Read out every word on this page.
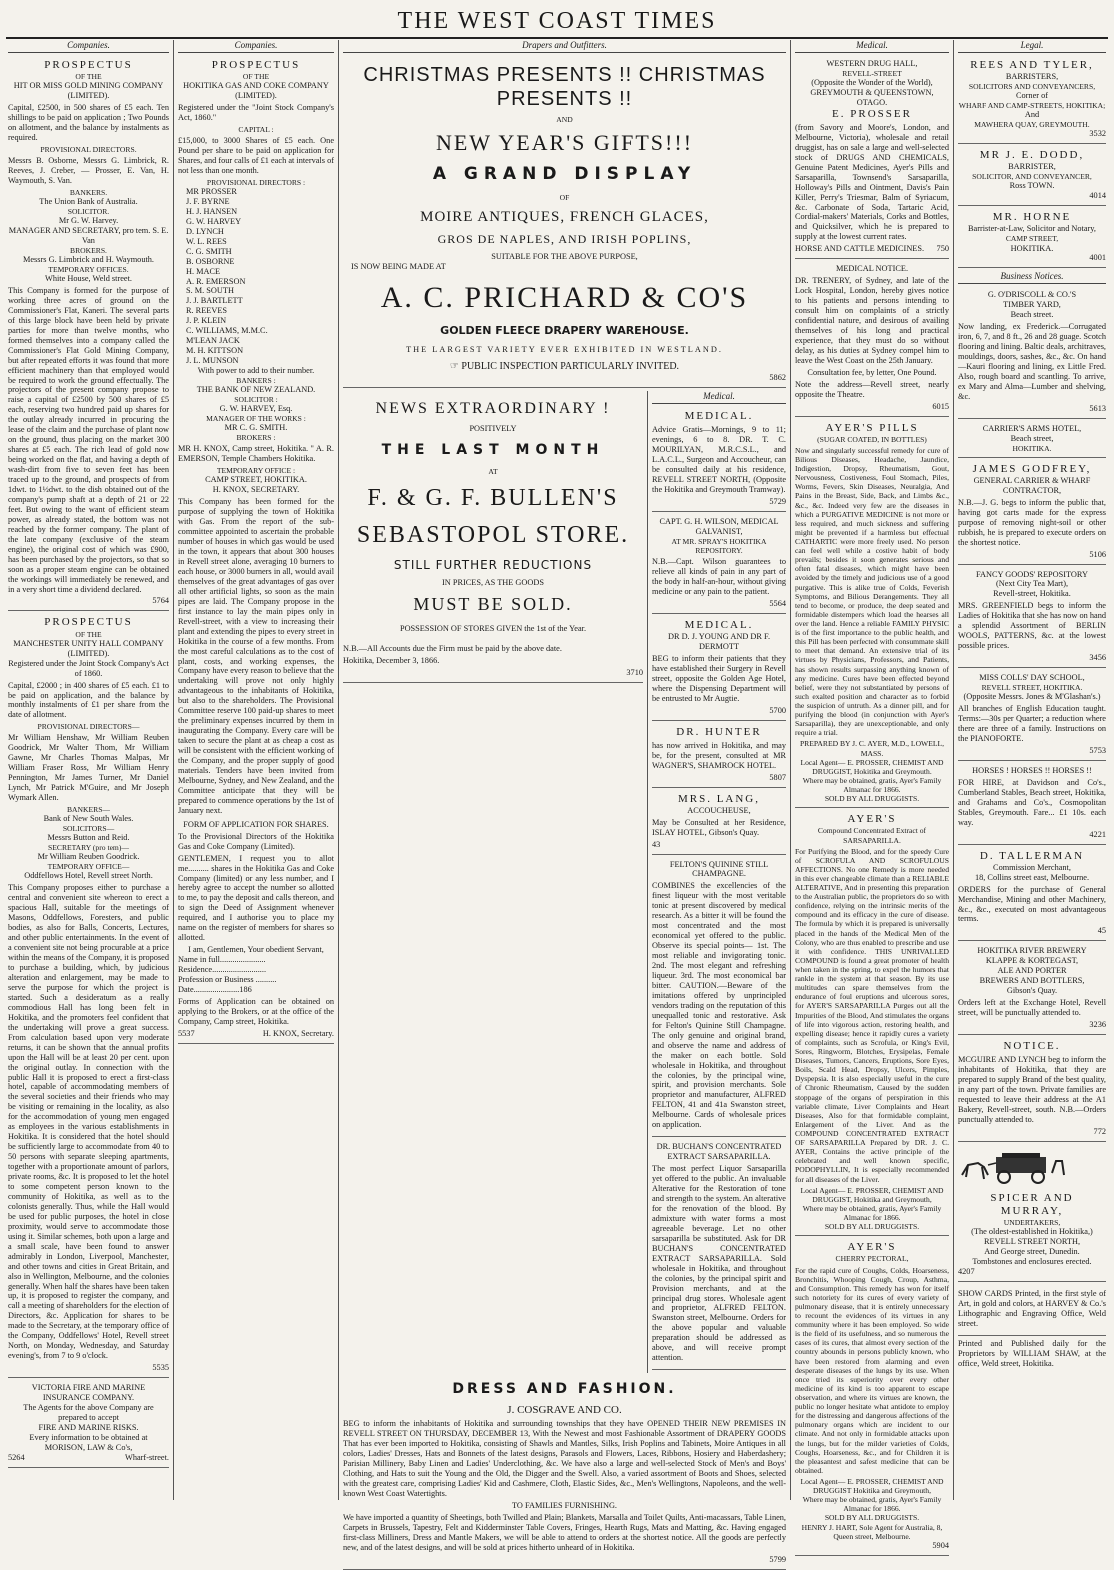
THE WEST COAST TIMES
Companies.
PROSPECTUS
OF THE
HIT OR MISS GOLD MINING COMPANY (LIMITED).
Capital, £2500, in 500 shares of £5 each. Ten shillings to be paid on application ; Two Pounds on allotment, and the balance by instalments as required.
PROVISIONAL DIRECTORS.
Messrs B. Osborne, Messrs G. Limbrick, R. Reeves, J. Creber, — Prosser, E. Van, H. Waymouth, S. Van.
BANKERS.
The Union Bank of Australia.
SOLICITOR.
Mr G. W. Harvey.
MANAGER AND SECRETARY, pro tem. S. E. Van
BROKERS.
Messrs G. Limbrick and H. Waymouth.
TEMPORARY OFFICES.
White House, Weld street.
This Company is formed for the purpose of working three acres of ground on the Commissioner's Flat, Kaneri. The several parts of this large block have been held by private parties for more than twelve months, who formed themselves into a company called the Commissioner's Flat Gold Mining Company, but after repeated efforts it was found that more efficient machinery than that employed would be required to work the ground effectually. The projectors of the present company propose to raise a capital of £2500 by 500 shares of £5 each, reserving two hundred paid up shares for the outlay already incurred in procuring the lease of the claim and the purchase of plant now on the ground, thus placing on the market 300 shares at £5 each. The rich lead of gold now being worked on the flat, and having a depth of wash-dirt from five to seven feet has been traced up to the ground, and prospects of from 1dwt. to 1½dwt. to the dish obtained out of the company's pump shaft at a depth of 21 or 22 feet. But owing to the want of efficient steam power, as already stated, the bottom was not reached by the former company. The plant of the late company (exclusive of the steam engine), the original cost of which was £900, has been purchased by the projectors, so that so soon as a proper steam engine can be obtained the workings will immediately be renewed, and in a very short time a dividend declared.
5764
PROSPECTUS
OF THE
MANCHESTER UNITY HALL COMPANY (LIMITED).
Registered under the Joint Stock Company's Act of 1860.
Capital, £2000 ; in 400 shares of £5 each. £1 to be paid on application, and the balance by monthly instalments of £1 per share from the date of allotment.
PROVISIONAL DIRECTORS—
Mr William Henshaw, Mr William Reuben Goodrick, Mr Walter Thom, Mr William Gawne, Mr Charles Thomas Malpas, Mr William Fraser Ross, Mr William Henry Pennington, Mr James Turner, Mr Daniel Lynch, Mr Patrick M'Guire, and Mr Joseph Wymark Allen.
BANKERS—
Bank of New South Wales.
SOLICITORS—
Messrs Button and Reid.
SECRETARY (pro tem)—
Mr William Reuben Goodrick.
TEMPORARY OFFICE—
Oddfellows Hotel, Revell street North.
This Company proposes either to purchase a central and convenient site whereon to erect a spacious Hall, suitable for the meetings of Masons, Oddfellows, Foresters, and public bodies, as also for Balls, Concerts, Lectures, and other public entertainments. In the event of a convenient site not being procurable at a price within the means of the Company, it is proposed to purchase a building, which, by judicious alteration and enlargement, may be made to serve the purpose for which the project is started. Such a desideratum as a really commodious Hall has long been felt in Hokitika, and the promoters feel confident that the undertaking will prove a great success. From calculation based upon very moderate returns, it can be shown that the annual profits upon the Hall will be at least 20 per cent. upon the original outlay. In connection with the public Hall it is proposed to erect a first-class hotel, capable of accommodating members of the several societies and their friends who may be visiting or remaining in the locality, as also for the accommodation of young men engaged as employees in the various establishments in Hokitika. It is considered that the hotel should be sufficiently large to accommodate from 40 to 50 persons with separate sleeping apartments, together with a proportionate amount of parlors, private rooms, &c. It is proposed to let the hotel to some competent person known to the community of Hokitika, as well as to the colonists generally. Thus, while the Hall would be used for public purposes, the hotel in close proximity, would serve to accommodate those using it. Similar schemes, both upon a large and a small scale, have been found to answer admirably in London, Liverpool, Manchester, and other towns and cities in Great Britain, and also in Wellington, Melbourne, and the colonies generally. When half the shares have been taken up, it is proposed to register the company, and call a meeting of shareholders for the election of Directors, &c. Application for shares to be made to the Secretary, at the temporary office of the Company, Oddfellows' Hotel, Revell street North, on Monday, Wednesday, and Saturday evening's, from 7 to 9 o'clock.
5535
VICTORIA FIRE AND MARINE INSURANCE COMPANY.
The Agents for the above Company are prepared to accept
FIRE AND MARINE RISKS.
Every information to be obtained at
MORISON, LAW & Co's,
5264	Wharf-street.
Companies.
PROSPECTUS
OF THE
HOKITIKA GAS AND COKE COMPANY (LIMITED).
Registered under the "Joint Stock Company's Act, 1860."
CAPITAL :
£15,000, to 3000 Shares of £5 each. One Pound per share to be paid on application for Shares, and four calls of £1 each at intervals of not less than one month.
PROVISIONAL DIRECTORS :
MR PROSSER
J. F. BYRNE
H. J. HANSEN
G. W. HARVEY
D. LYNCH
W. L. REES
C. G. SMITH
B. OSBORNE
H. MACE
A. R. EMERSON
S. M. SOUTH
J. J. BARTLETT
R. REEVES
J. P. KLEIN
C. WILLIAMS, M.M.C.
M'LEAN JACK
M. H. KITTSON
J. L. MUNSON
With power to add to their number.
BANKERS :
THE BANK OF NEW ZEALAND.
SOLICITOR :
G. W. HARVEY, Esq.
MANAGER OF THE WORKS :
MR C. G. SMITH.
BROKERS :
MR H. KNOX, Camp street, Hokitika. " A. R. EMERSON, Temple Chambers Hokitika.
TEMPORARY OFFICE :
CAMP STREET, HOKITIKA.
H. KNOX, SECRETARY.
This Company has been formed for the purpose of supplying the town of Hokitika with Gas. From the report of the sub-committee appointed to ascertain the probable number of houses in which gas would be used in the town, it appears that about 300 houses in Revell street alone, averaging 10 burners to each house, or 3000 burners in all, would avail themselves of the great advantages of gas over all other artificial lights, so soon as the main pipes are laid. The Company propose in the first instance to lay the main pipes only in Revell-street, with a view to increasing their plant and extending the pipes to every street in Hokitika in the course of a few months. From the most careful calculations as to the cost of plant, costs, and working expenses, the Company have every reason to believe that the undertaking will prove not only highly advantageous to the inhabitants of Hokitika, but also to the shareholders. The Provisional Committee reserve 100 paid-up shares to meet the preliminary expenses incurred by them in inaugurating the Company. Every care will be taken to secure the plant at as cheap a cost as will be consistent with the efficient working of the Company, and the proper supply of good materials. Tenders have been invited from Melbourne, Sydney, and New Zealand, and the Committee anticipate that they will be prepared to commence operations by the 1st of January next.
FORM OF APPLICATION FOR SHARES.
To the Provisional Directors of the Hokitika Gas and Coke Company (Limited).
GENTLEMEN, I request you to allot me.......... shares in the Hokitika Gas and Coke Company (limited) or any less number, and I hereby agree to accept the number so allotted to me, to pay the deposit and calls thereon, and to sign the Deed of Assignment whenever required, and I authorise you to place my name on the register of members for shares so allotted.
I am, Gentlemen, Your obedient Servant,
Name in full......................
Residence..........................
Profession or Business ..........
Date......................186
Forms of Application can be obtained on applying to the Brokers, or at the office of the Company, Camp street, Hokitika.
5537	H. KNOX, Secretary.
Drapers and Outfitters.
CHRISTMAS PRESENTS !! CHRISTMAS PRESENTS !!
AND
NEW YEAR'S GIFTS!!!
A GRAND DISPLAY
OF
MOIRE ANTIQUES, FRENCH GLACES,
GROS DE NAPLES, AND IRISH POPLINS,
SUITABLE FOR THE ABOVE PURPOSE,
IS NOW BEING MADE AT
A. C. PRICHARD & CO'S
GOLDEN FLEECE DRAPERY WAREHOUSE.
THE LARGEST VARIETY EVER EXHIBITED IN WESTLAND.
☞ PUBLIC INSPECTION PARTICULARLY INVITED.
5862
NEWS EXTRAORDINARY !
POSITIVELY
THE LAST MONTH
AT
F. & G. F. BULLEN'S
SEBASTOPOL STORE.
STILL FURTHER REDUCTIONS
IN PRICES, AS THE GOODS
MUST BE SOLD.
POSSESSION OF STORES GIVEN the 1st of the Year.
N.B.—All Accounts due the Firm must be paid by the above date.
Hokitika, December 3, 1866.
3710
Medical.
MEDICAL.
Advice Gratis—Mornings, 9 to 11; evenings, 6 to 8. DR. T. C. MOURILYAN, M.R.C.S.L., and L.A.C.L., Surgeon and Accoucheur, can be consulted daily at his residence, REVELL STREET NORTH, (Opposite the Hokitika and Greymouth Tramway).
5729
CAPT. G. H. WILSON, MEDICAL GALVANIST,
AT MR. SPRAY'S HOKITIKA REPOSITORY.
N.B.—Capt. Wilson guarantees to relieve all kinds of pain in any part of the body in half-an-hour, without giving medicine or any pain to the patient.
5564
MEDICAL.
DR D. J. YOUNG AND DR F. DERMOTT
BEG to inform their patients that they have established their Surgery in Revell street, opposite the Golden Age Hotel, where the Dispensing Department will be entrusted to Mr Augtie.
5700
DR. HUNTER
has now arrived in Hokitika, and may be, for the present, consulted at MR WAGNER'S, SHAMROCK HOTEL.
5807
MRS. LANG,
ACCOUCHEUSE,
May be Consulted at her Residence, ISLAY HOTEL, Gibson's Quay.
43
FELTON'S QUININE STILL CHAMPAGNE.
COMBINES the excellencies of the finest liqueur with the most veritable tonic at present discovered by medical research. As a bitter it will be found the most concentrated and the most economical yet offered to the public. Observe its special points— 1st. The most reliable and invigorating tonic. 2nd. The most elegant and refreshing liqueur. 3rd. The most economical bar bitter. CAUTION.—Beware of the imitations offered by unprincipled vendors trading on the reputation of this unequalled tonic and restorative. Ask for Felton's Quinine Still Champagne. The only genuine and original brand, and observe the name and address of the maker on each bottle. Sold wholesale in Hokitika, and throughout the colonies, by the principal wine, spirit, and provision merchants. Sole proprietor and manufacturer, ALFRED FELTON, 41 and 41a Swanston street, Melbourne. Cards of wholesale prices on application.
DR. BUCHAN'S CONCENTRATED EXTRACT SARSAPARILLA.
The most perfect Liquor Sarsaparilla yet offered to the public. An invaluable Alterative for the Restoration of tone and strength to the system. An alterative for the renovation of the blood. By admixture with water forms a most agreeable beverage. Let no other sarsaparilla be substituted. Ask for DR BUCHAN'S CONCENTRATED EXTRACT SARSAPARILLA. Sold wholesale in Hokitika, and throughout the colonies, by the principal spirit and Provision merchants, and at the principal drug stores. Wholesale agent and proprietor, ALFRED FELTON. Swanston street, Melbourne. Orders for the above popular and valuable preparation should be addressed as above, and will receive prompt attention.
DRESS AND FASHION.
J. COSGRAVE AND CO.
BEG to inform the inhabitants of Hokitika and surrounding townships that they have OPENED THEIR NEW PREMISES IN REVELL STREET ON THURSDAY, DECEMBER 13, With the Newest and most Fashionable Assortment of DRAPERY GOODS That has ever been imported to Hokitika, consisting of Shawls and Mantles, Silks, Irish Poplins and Tabinets, Moire Antiques in all colors, Ladies' Dresses, Hats and Bonnets of the latest designs, Parasols and Flowers, Laces, Ribbons, Hosiery and Haberdashery; Parisian Millinery, Baby Linen and Ladies' Underclothing, &c. We have also a large and well-selected Stock of Men's and Boys' Clothing, and Hats to suit the Young and the Old, the Digger and the Swell. Also, a varied assortment of Boots and Shoes, selected with the greatest care, comprising Ladies' Kid and Cashmere, Cloth, Elastic Sides, &c., Men's Wellingtons, Napoleons, and the well-known West Coast Watertights.
TO FAMILIES FURNISHING.
We have imported a quantity of Sheetings, both Twilled and Plain; Blankets, Marsalla and Toilet Quilts, Anti-macassars, Table Linen, Carpets in Brussels, Tapestry, Felt and Kidderminster Table Covers, Fringes, Hearth Rugs, Mats and Matting, &c. Having engaged first-class Milliners, Dress and Mantle Makers, we will be able to attend to orders at the shortest notice. All the goods are perfectly new, and of the latest designs, and will be sold at prices hitherto unheard of in Hokitika.
5799
Medical.
WESTERN DRUG HALL,
REVELL-STREET
(Opposite the Wonder of the World),
GREYMOUTH & QUEENSTOWN, OTAGO.
E. PROSSER
(from Savory and Moore's, London, and Melbourne, Victoria), wholesale and retail druggist, has on sale a large and well-selected stock of DRUGS AND CHEMICALS, Genuine Patent Medicines, Ayer's Pills and Sarsaparilla, Townsend's Sarsaparilla, Holloway's Pills and Ointment, Davis's Pain Killer, Perry's Triesmar, Balm of Syriacum, &c. Carbonate of Soda, Tartaric Acid, Cordial-makers' Materials, Corks and Bottles, and Quicksilver, which he is prepared to supply at the lowest current rates.
HORSE AND CATTLE MEDICINES. 750
MEDICAL NOTICE.
DR. TRENERY, of Sydney, and late of the Lock Hospital, London, hereby gives notice to his patients and persons intending to consult him on complaints of a strictly confidential nature, and desirous of availing themselves of his long and practical experience, that they must do so without delay, as his duties at Sydney compel him to leave the West Coast on the 25th January.
Consultation fee, by letter, One Pound.
Note the address—Revell street, nearly opposite the Theatre.
6015
AYER'S PILLS
(SUGAR COATED, IN BOTTLES)
Now and singularly successful remedy for cure of Bilious Diseases, Headache, Jaundice, Indigestion, Dropsy, Rheumatism, Gout, Nervousness, Costiveness, Foul Stomach, Piles, Worms, Fevers, Skin Diseases, Neuralgia, And Pains in the Breast, Side, Back, and Limbs &c., &c., &c. Indeed very few are the diseases in which a PURGATIVE MEDICINE is not more or less required, and much sickness and suffering might be prevented if a harmless but effectual CATHARTIC were more freely used. No person can feel well while a costive habit of body prevails; besides it soon generates serious and often fatal diseases, which might have been avoided by the timely and judicious use of a good purgative. This is alike true of Colds, Feverish Symptoms, and Bilious Derangements. They all tend to become, or produce, the deep seated and formidable distempers which load the hearses all over the land. Hence a reliable FAMILY PHYSIC is of the first importance to the public health, and this Pill has been perfected with consummate skill to meet that demand. An extensive trial of its virtues by Physicians, Professors, and Patients, has shown results surpassing anything known of any medicine. Cures have been effected beyond belief, were they not substantiated by persons of such exalted position and character as to forbid the suspicion of untruth. As a dinner pill, and for purifying the blood (in conjunction with Ayer's Sarsaparilla), they are unexceptionable, and only require a trial.
PREPARED BY J. C. AYER, M.D., LOWELL, MASS.
Local Agent— E. PROSSER, CHEMIST AND DRUGGIST, Hokitika and Greymouth.
Where may be obtained, gratis, Ayer's Family Almanac for 1866.
SOLD BY ALL DRUGGISTS.
AYER'S
Compound Concentrated Extract of SARSAPARILLA.
For Purifying the Blood, and for the speedy Cure of SCROFULA AND SCROFULOUS AFFECTIONS. No one Remedy is more needed in this ever changeable climate than a RELIABLE ALTERATIVE, And in presenting this preparation to the Australian public, the proprietors do so with confidence, relying on the intrinsic merits of the compound and its efficacy in the cure of disease. The formula by which it is prepared is universally placed in the hands of the Medical Men of the Colony, who are thus enabled to prescribe and use it with confidence. THIS UNRIVALLED COMPOUND is found a great promoter of health when taken in the spring, to expel the humors that rankle in the system at that season. By its use multitudes can spare themselves from the endurance of foul eruptions and ulcerous sores, for AYER'S SARSAPARILLA Purges out all the Impurities of the Blood, And stimulates the organs of life into vigorous action, restoring health, and expelling disease; hence it rapidly cures a variety of complaints, such as Scrofula, or King's Evil, Sores, Ringworm, Blotches, Erysipelas, Female Diseases, Tumors, Cancers, Eruptions, Sore Eyes, Boils, Scald Head, Dropsy, Ulcers, Pimples, Dyspepsia. It is also especially useful in the cure of Chronic Rheumatism, Caused by the sudden stoppage of the organs of perspiration in this variable climate, Liver Complaints and Heart Diseases, Also for that formidable complaint, Enlargement of the Liver. And as the COMPOUND CONCENTRATED EXTRACT OF SARSAPARILLA Prepared by DR. J. C. AYER, Contains the active principle of the celebrated and well known specific, PODOPHYLLIN, It is especially recommended for all diseases of the Liver.
Local Agent— E. PROSSER, CHEMIST AND DRUGGIST, Hokitika and Greymouth,
Where may be obtained, gratis, Ayer's Family Almanac for 1866.
SOLD BY ALL DRUGGISTS.
AYER'S
CHERRY PECTORAL,
For the rapid cure of Coughs, Colds, Hoarseness, Bronchitis, Whooping Cough, Croup, Asthma, and Consumption. This remedy has won for itself such notoriety for its cures of every variety of pulmonary disease, that it is entirely unnecessary to recount the evidences of its virtues in any community where it has been employed. So wide is the field of its usefulness, and so numerous the cases of its cures, that almost every section of the country abounds in persons publicly known, who have been restored from alarming and even desperate diseases of the lungs by its use. When once tried its superiority over every other medicine of its kind is too apparent to escape observation, and where its virtues are known, the public no longer hesitate what antidote to employ for the distressing and dangerous affections of the pulmonary organs which are incident to our climate. And not only in formidable attacks upon the lungs, but for the milder varieties of Colds, Coughs, Hoarseness, &c., and for Children it is the pleasantest and safest medicine that can be obtained.
Local Agent— E. PROSSER, CHEMIST AND DRUGGIST Hokitika and Greymouth,
Where may be obtained, gratis, Ayer's Family Almanac for 1866.
SOLD BY ALL DRUGGISTS.
HENRY J. HART, Sole Agent for Australia, 8, Queen street, Melbourne.
5904
Legal.
REES AND TYLER,
BARRISTERS,
SOLICITORS AND CONVEYANCERS,
Corner of
WHARF AND CAMP-STREETS, HOKITIKA;
And
MAWHERA QUAY, GREYMOUTH.
3532
MR J. E. DODD,
BARRISTER,
SOLICITOR, AND CONVEYANCER,
Ross TOWN.
4014
MR. HORNE
Barrister-at-Law, Solicitor and Notary,
CAMP STREET,
HOKITIKA.
4001
Business Notices.
G. O'DRISCOLL & CO.'S
TIMBER YARD,
Beach street.
Now landing, ex Frederick.—Corrugated iron, 6, 7, and 8 ft., 26 and 28 guage. Scotch flooring and lining. Baltic deals, architraves, mouldings, doors, sashes, &c., &c. On hand—Kauri flooring and lining, ex Little Fred. Also, rough board and scantling. To arrive, ex Mary and Alma—Lumber and shelving, &c.
5613
CARRIER'S ARMS HOTEL,
Beach street,
HOKITIKA.
JAMES GODFREY,
GENERAL CARRIER & WHARF CONTRACTOR,
N.B.—J. G. begs to inform the public that, having got carts made for the express purpose of removing night-soil or other rubbish, he is prepared to execute orders on the shortest notice.
5106
FANCY GOODS' REPOSITORY
(Next City Tea Mart),
Revell-street, Hokitika.
MRS. GREENFIELD begs to inform the Ladies of Hokitika that she has now on hand a splendid Assortment of BERLIN WOOLS, PATTERNS, &c. at the lowest possible prices.
3456
MISS COLLS' DAY SCHOOL,
REVELL STREET, HOKITIKA.
(Opposite Messrs. Jones & M'Glashan's.)
All branches of English Education taught. Terms:—30s per Quarter; a reduction where there are three of a family. Instructions on the PIANOFORTE.
5753
HORSES ! HORSES !! HORSES !!
FOR HIRE, at Davidson and Co's., Cumberland Stables, Beach street, Hokitika, and Grahams and Co's., Cosmopolitan Stables, Greymouth. Fare... £1 10s. each way.
4221
D. TALLERMAN
Commission Merchant,
18, Collins street east, Melbourne.
ORDERS for the purchase of General Merchandise, Mining and other Machinery, &c., &c., executed on most advantageous terms.
45
HOKITIKA RIVER BREWERY
KLAPPE & KORTEGAST,
ALE AND PORTER
BREWERS AND BOTTLERS,
Gibson's Quay.
Orders left at the Exchange Hotel, Revell street, will be punctually attended to.
3236
NOTICE.
MCGUIRE AND LYNCH beg to inform the inhabitants of Hokitika, that they are prepared to supply Brand of the best quality, in any part of the town. Private families are requested to leave their address at the A1 Bakery, Revell-street, south. N.B.—Orders punctually attended to.
772
SPICER AND MURRAY,
UNDERTAKERS,
(The oldest-established in Hokitika,)
REVELL STREET NORTH,
And George street, Dunedin.
Tombstones and enclosures erected.
4207
SHOW CARDS Printed, in the first style of Art, in gold and colors, at HARVEY & Co.'s Lithographic and Engraving Office, Weld street.
Printed and Published daily for the Proprietors by WILLIAM SHAW, at the office, Weld street, Hokitika.
